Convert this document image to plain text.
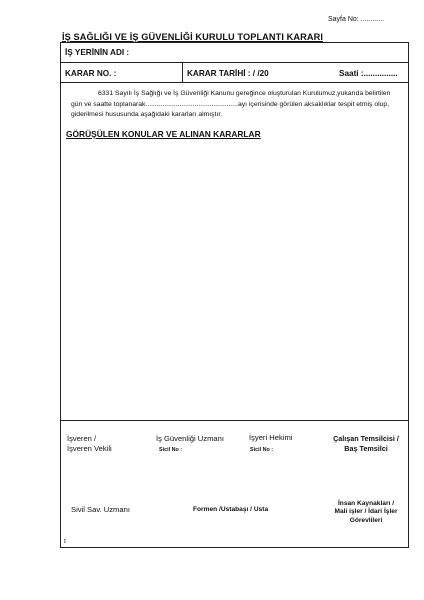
Sayfa No: ............
İŞ SAĞLIĞI VE İŞ GÜVENLİĞİ KURULU TOPLANTI KARARI
İŞ YERİNİN ADI :
KARAR NO. :	KARAR TARİHİ : / /20	Saati :...............
6331 Sayılı İş Sağlığı ve İş Güvenliği Kanunu gereğince oluşturulan Kurulumuz,yukarıda belirtilen gün ve saatte toplanarak.................................................ayı içerisinde görülen aksaklıklar tespit etmiş olup, giderilmesi hususunda aşağıdaki kararları almıştır.
GÖRÜŞÜLEN KONULAR VE ALINAN KARARLAR
İşveren /
İşveren Vekili
İş Güvenliği Uzmanı
Sicil No :
İşyeri Hekimi
Sicil No :
Çalışan Temsilcisi /
Baş Temsilci
Sivil Sav. Uzmanı	Formen /Ustabaşı / Usta
İnsan Kaynakları /
Mali işler / İdari İşler
Görevlileri
▪▪▪
